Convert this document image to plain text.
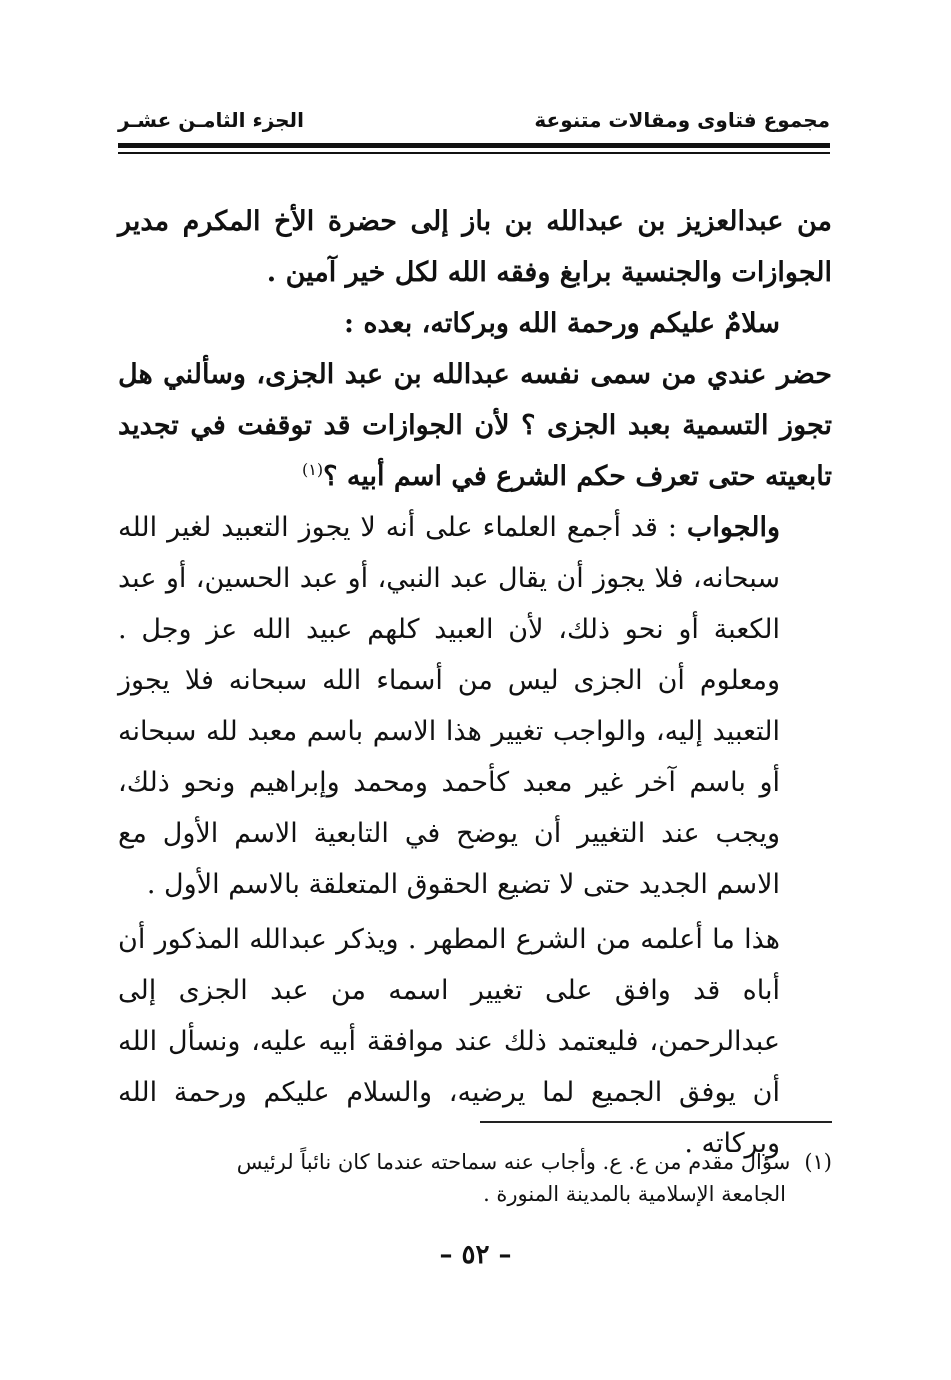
مجموع فتاوى ومقالات متنوعة
الجزء الثامـن عشـر

من عبدالعزيز بن عبدالله بن باز إلى حضرة الأخ المكرم مدير الجوازات والجنسية برابغ وفقه الله لكل خير آمين .

سلامٌ عليكم ورحمة الله وبركاته، بعده :

حضر عندي من سمى نفسه عبدالله بن عبد الجزى، وسألني هل تجوز التسمية بعبد الجزى ؟ لأن الجوازات قد توقفت في تجديد تابعيته حتى تعرف حكم الشرع في اسم أبيه ؟$^{(١)}$

والجواب : قد أجمع العلماء على أنه لا يجوز التعبيد لغير الله سبحانه، فلا يجوز أن يقال عبد النبي، أو عبد الحسين، أو عبد الكعبة أو نحو ذلك، لأن العبيد كلهم عبيد الله عز وجل . ومعلوم أن الجزى ليس من أسماء الله سبحانه فلا يجوز التعبيد إليه، والواجب تغيير هذا الاسم باسم معبد لله سبحانه أو باسم آخر غير معبد كأحمد ومحمد وإبراهيم ونحو ذلك، ويجب عند التغيير أن يوضح في التابعية الاسم الأول مع الاسم الجديد حتى لا تضيع الحقوق المتعلقة بالاسم الأول .

هذا ما أعلمه من الشرع المطهر . ويذكر عبدالله المذكور أن أباه قد وافق على تغيير اسمه من عبد الجزى إلى عبدالرحمن، فليعتمد ذلك عند موافقة أبيه عليه، ونسأل الله أن يوفق الجميع لما يرضيه، والسلام عليكم ورحمة الله وبركاته .

(١)سؤال مقدم من ع. ع. وأجاب عنه سماحته عندما كان نائباً لرئيس

الجامعة الإسلامية بالمدينة المنورة .

– ٥٢ –
